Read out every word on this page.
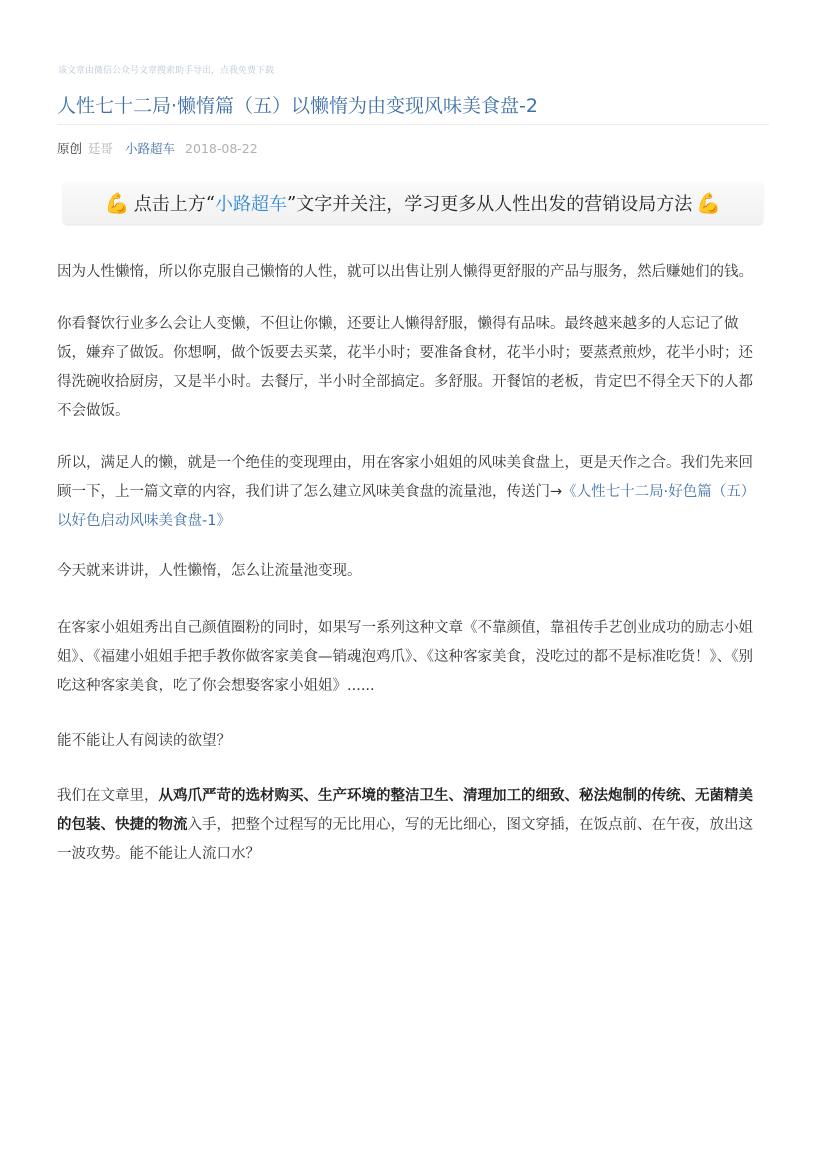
该文章由微信公众号文章搜索助手导出，点我免费下载
人性七十二局·懒惰篇（五）以懒惰为由变现风味美食盘-2
原创 廷哥 小路超车 2018-08-22
💪 点击上方 “ 小路超车 ” 文字并关注，学习更多从人性出发的营销设局方法 💪

因为人性懒惰，所以你克服自己懒惰的人性，就可以出售让别人懒得更舒服的产品与服务，然后赚她们的钱。

你看餐饮行业多么会让人变懒，不但让你懒，还要让人懒得舒服，懒得有品味。最终越来越多的人忘记了做饭，嫌弃了做饭。你想啊，做个饭要去买菜，花半小时；要准备食材，花半小时；要蒸煮煎炒，花半小时；还得洗碗收拾厨房，又是半小时。去餐厅，半小时全部搞定。多舒服。开餐馆的老板，肯定巴不得全天下的人都不会做饭。

所以，满足人的懒，就是一个绝佳的变现理由，用在客家小姐姐的风味美食盘上，更是天作之合。我们先来回顾一下，上一篇文章的内容，我们讲了怎么建立风味美食盘的流量池，传送门→《人性七十二局·好色篇（五）以好色启动风味美食盘-1》

今天就来讲讲，人性懒惰，怎么让流量池变现。

在客家小姐姐秀出自己颜值圈粉的同时，如果写一系列这种文章《不靠颜值，靠祖传手艺创业成功的励志小姐姐》、《福建小姐姐手把手教你做客家美食—销魂泡鸡爪》、《这种客家美食，没吃过的都不是标准吃货！》、《别吃这种客家美食，吃了你会想娶客家小姐姐》......

能不能让人有阅读的欲望？

我们在文章里，从鸡爪严苛的选材购买、生产环境的整洁卫生、清理加工的细致、秘法炮制的传统、无菌精美的包装、快捷的物流入手，把整个过程写的无比用心，写的无比细心，图文穿插，在饭点前、在午夜，放出这一波攻势。能不能让人流口水？
